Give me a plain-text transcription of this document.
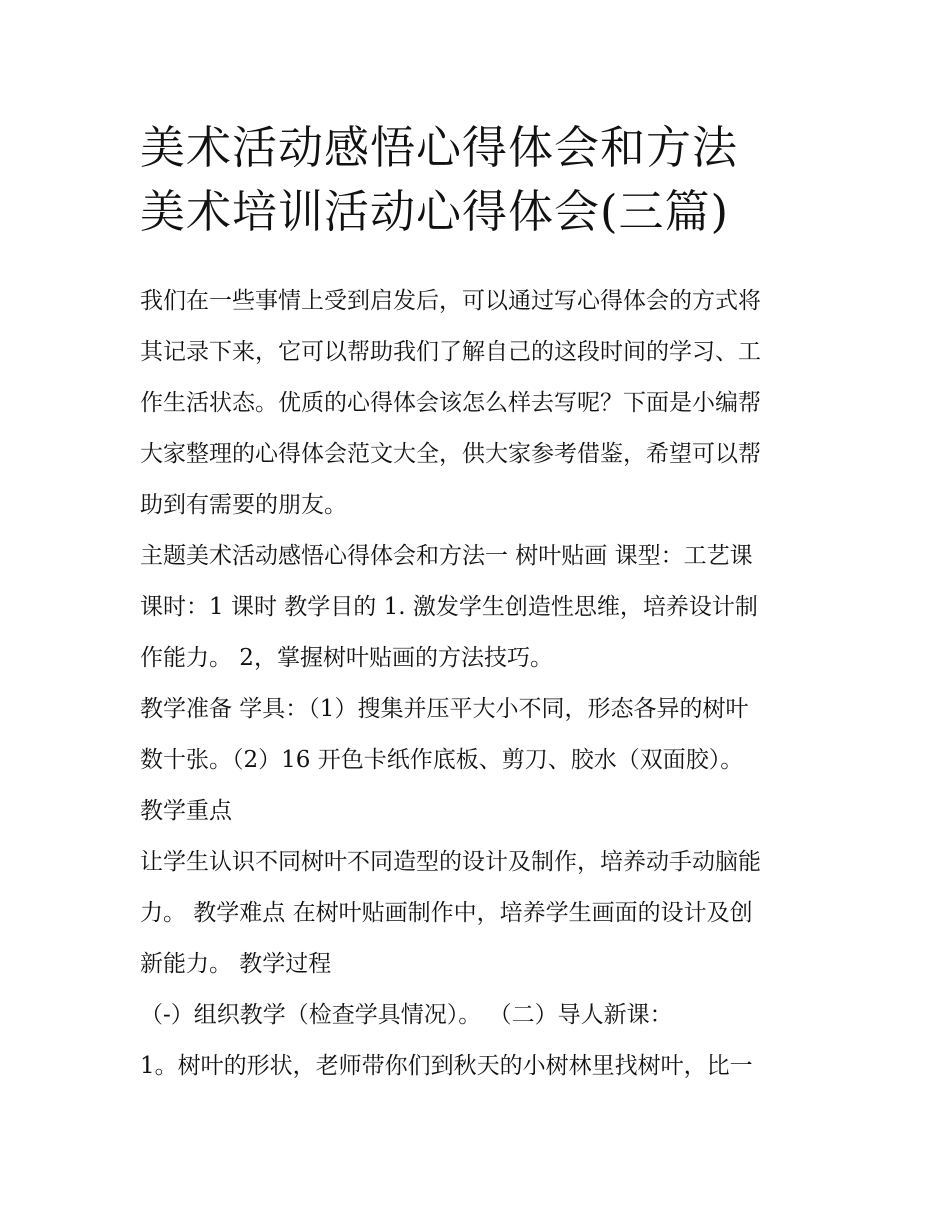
美术活动感悟心得体会和方法
美术培训活动心得体会(三篇)
我们在一些事情上受到启发后，可以通过写心得体会的方式将
其记录下来，它可以帮助我们了解自己的这段时间的学习、工
作生活状态。优质的心得体会该怎么样去写呢？下面是小编帮
大家整理的心得体会范文大全，供大家参考借鉴，希望可以帮
助到有需要的朋友。
主题美术活动感悟心得体会和方法一 树叶贴画 课型：工艺课
课时：1 课时 教学目的 1. 激发学生创造性思维，培养设计制
作能力。 2，掌握树叶贴画的方法技巧。
教学准备 学具：（1）搜集并压平大小不同，形态各异的树叶
数十张。（2）16 开色卡纸作底板、剪刀、胶水（双面胶）。
教学重点
让学生认识不同树叶不同造型的设计及制作，培养动手动脑能
力。 教学难点 在树叶贴画制作中，培养学生画面的设计及创
新能力。 教学过程
（-）组织教学（检查学具情况）。 （二）导人新课：
1。树叶的形状，老师带你们到秋天的小树林里找树叶，比一
